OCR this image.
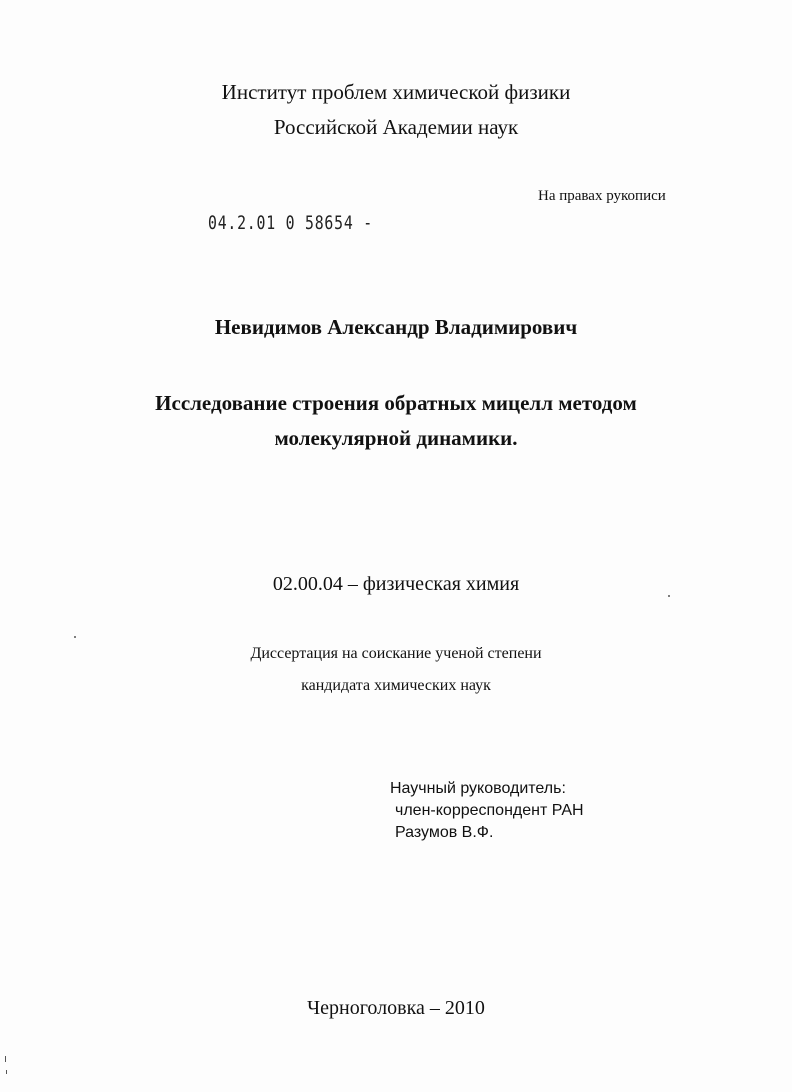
Институт проблем химической физики
Российской Академии наук
На правах рукописи
04.2.01 0 58654 -
Невидимов Александр Владимирович
Исследование строения обратных мицелл методом
молекулярной динамики.
02.00.04 – физическая химия
Диссертация на соискание ученой степени
кандидата химических наук
Научный руководитель:
член-корреспондент РАН
Разумов В.Ф.
Черноголовка – 2010
